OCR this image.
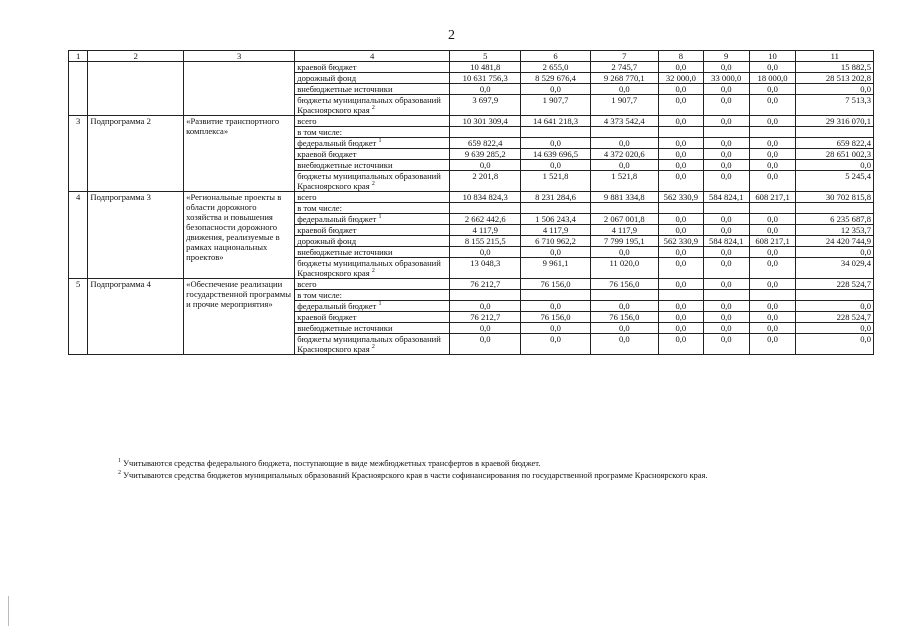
2
1	2	3	4	5	6	7	8	9	10	11
			краевой бюджет	10 481,8	2 655,0	2 745,7	0,0	0,0	0,0	15 882,5
			дорожный фонд	10 631 756,3	8 529 676,4	9 268 770,1	32 000,0	33 000,0	18 000,0	28 513 202,8
			внебюджетные источники	0,0	0,0	0,0	0,0	0,0	0,0	0,0
			бюджеты муниципальных образований Красноярского края $^2$	3 697,9	1 907,7	1 907,7	0,0	0,0	0,0	7 513,3
3	Подпрограмма 2	«Развитие транспортного комплекса»	всего	10 301 309,4	14 641 218,3	4 373 542,4	0,0	0,0	0,0	29 316 070,1
			в том числе:							
			федеральный бюджет $^1$	659 822,4	0,0	0,0	0,0	0,0	0,0	659 822,4
			краевой бюджет	9 639 285,2	14 639 696,5	4 372 020,6	0,0	0,0	0,0	28 651 002,3
			внебюджетные источники	0,0	0,0	0,0	0,0	0,0	0,0	0,0
			бюджеты муниципальных образований Красноярского края $^2$	2 201,8	1 521,8	1 521,8	0,0	0,0	0,0	5 245,4
4	Подпрограмма 3	«Региональные проекты в области дорожного хозяйства и повышения безопасности дорожного движения, реализуемые в рамках национальных проектов»	всего	10 834 824,3	8 231 284,6	9 881 334,8	562 330,9	584 824,1	608 217,1	30 702 815,8
			в том числе:							
			федеральный бюджет $^1$	2 662 442,6	1 506 243,4	2 067 001,8	0,0	0,0	0,0	6 235 687,8
			краевой бюджет	4 117,9	4 117,9	4 117,9	0,0	0,0	0,0	12 353,7
			дорожный фонд	8 155 215,5	6 710 962,2	7 799 195,1	562 330,9	584 824,1	608 217,1	24 420 744,9
			внебюджетные источники	0,0	0,0	0,0	0,0	0,0	0,0	0,0
			бюджеты муниципальных образований Красноярского края $^2$	13 048,3	9 961,1	11 020,0	0,0	0,0	0,0	34 029,4
5	Подпрограмма 4	«Обеспечение реализации государственной программы и прочие мероприятия»	всего	76 212,7	76 156,0	76 156,0	0,0	0,0	0,0	228 524,7
			в том числе:							
			федеральный бюджет $^1$	0,0	0,0	0,0	0,0	0,0	0,0	0,0
			краевой бюджет	76 212,7	76 156,0	76 156,0	0,0	0,0	0,0	228 524,7
			внебюджетные источники	0,0	0,0	0,0	0,0	0,0	0,0	0,0
			бюджеты муниципальных образований Красноярского края $^2$	0,0	0,0	0,0	0,0	0,0	0,0	0,0

$^1$ Учитываются средства федерального бюджета, поступающие в виде межбюджетных трансфертов в краевой бюджет.

$^2$ Учитываются средства бюджетов муниципальных образований Красноярского края в части софинансирования по государственной программе Красноярского края.
